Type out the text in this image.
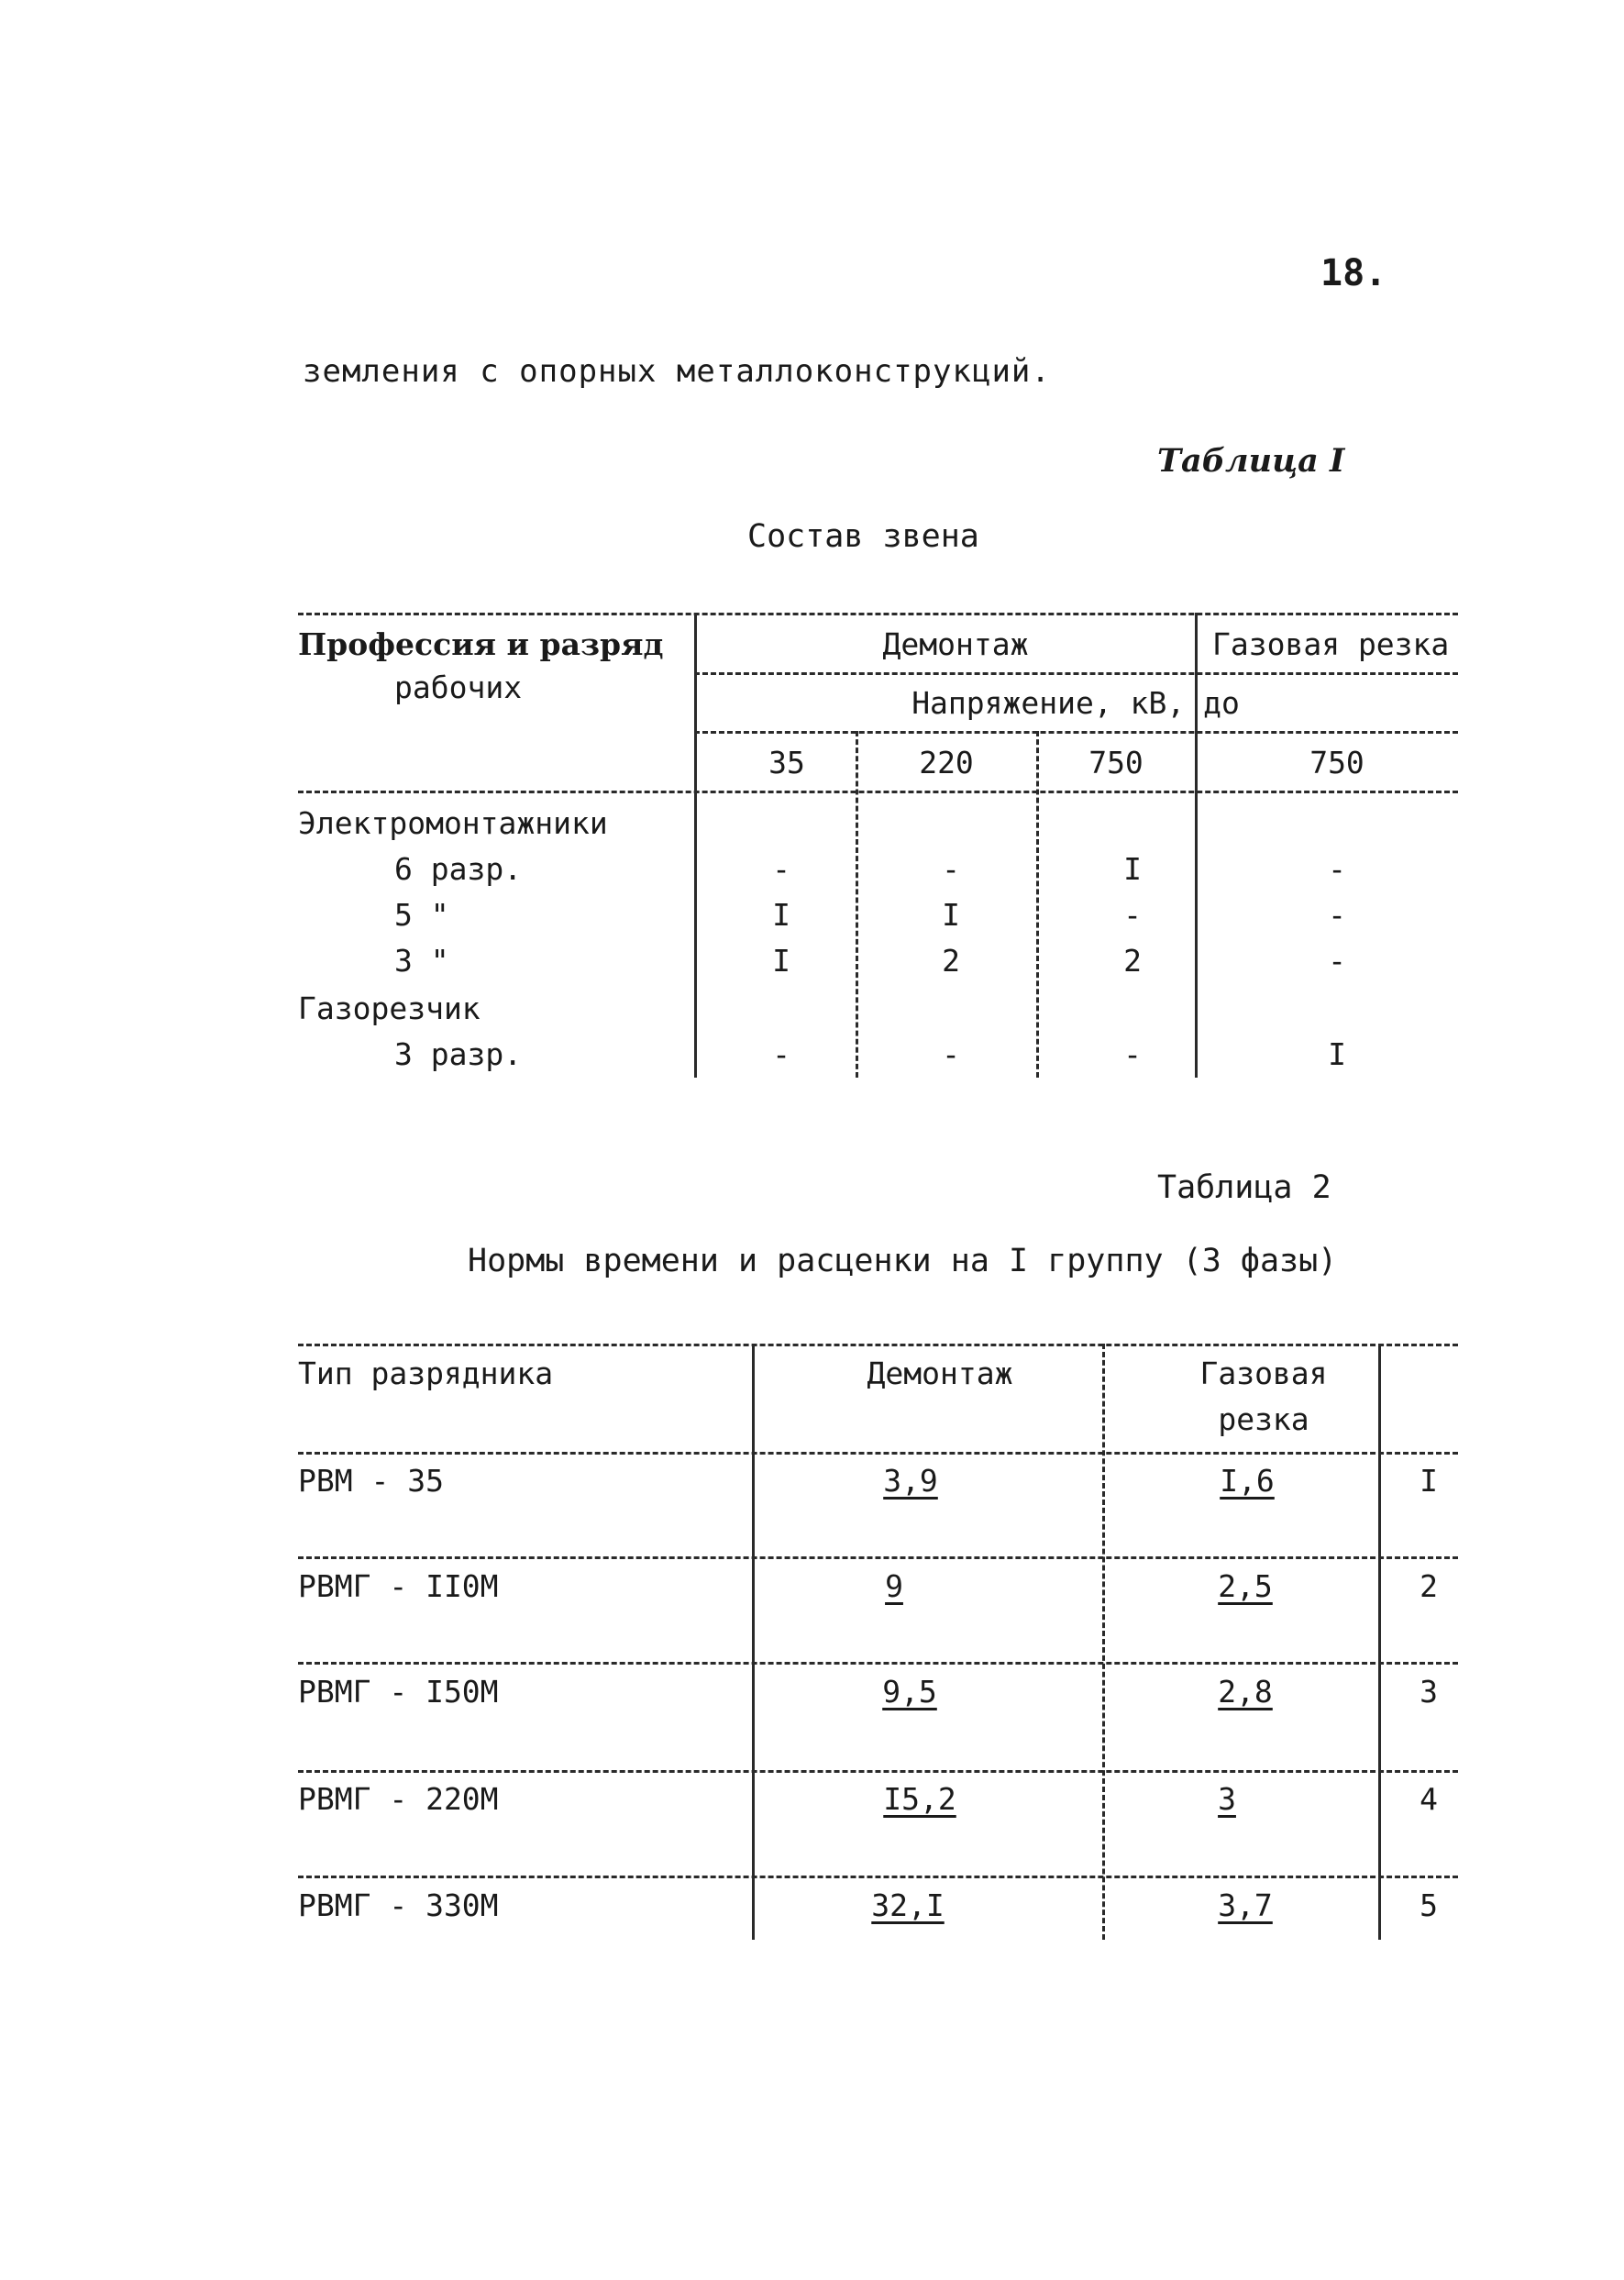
18.
земления с опорных металлоконструкций.
Таблица I
Состав звена
Профессия и разряд
рабочих
Демонтаж	Газовая резка
Напряжение, кВ, до
35	220	750	750
Электромонтажники
6 разр.	-	-	I	-
5 "	I	I	-	-
3 "	I	2	2	-
Газорезчик
3 разр.	-	-	-	I
Таблица 2
Нормы времени и расценки на I группу (3 фазы)
Тип разрядника	Демонтаж	Газовая
резка
РВМ - 35	3,9	I,6	I
РВМГ - II0М	9	2,5	2
РВМГ - I50М	9,5	2,8	3
РВМГ - 220М	I5,2	3	4
РВМГ - 330М	32,I	3,7	5
